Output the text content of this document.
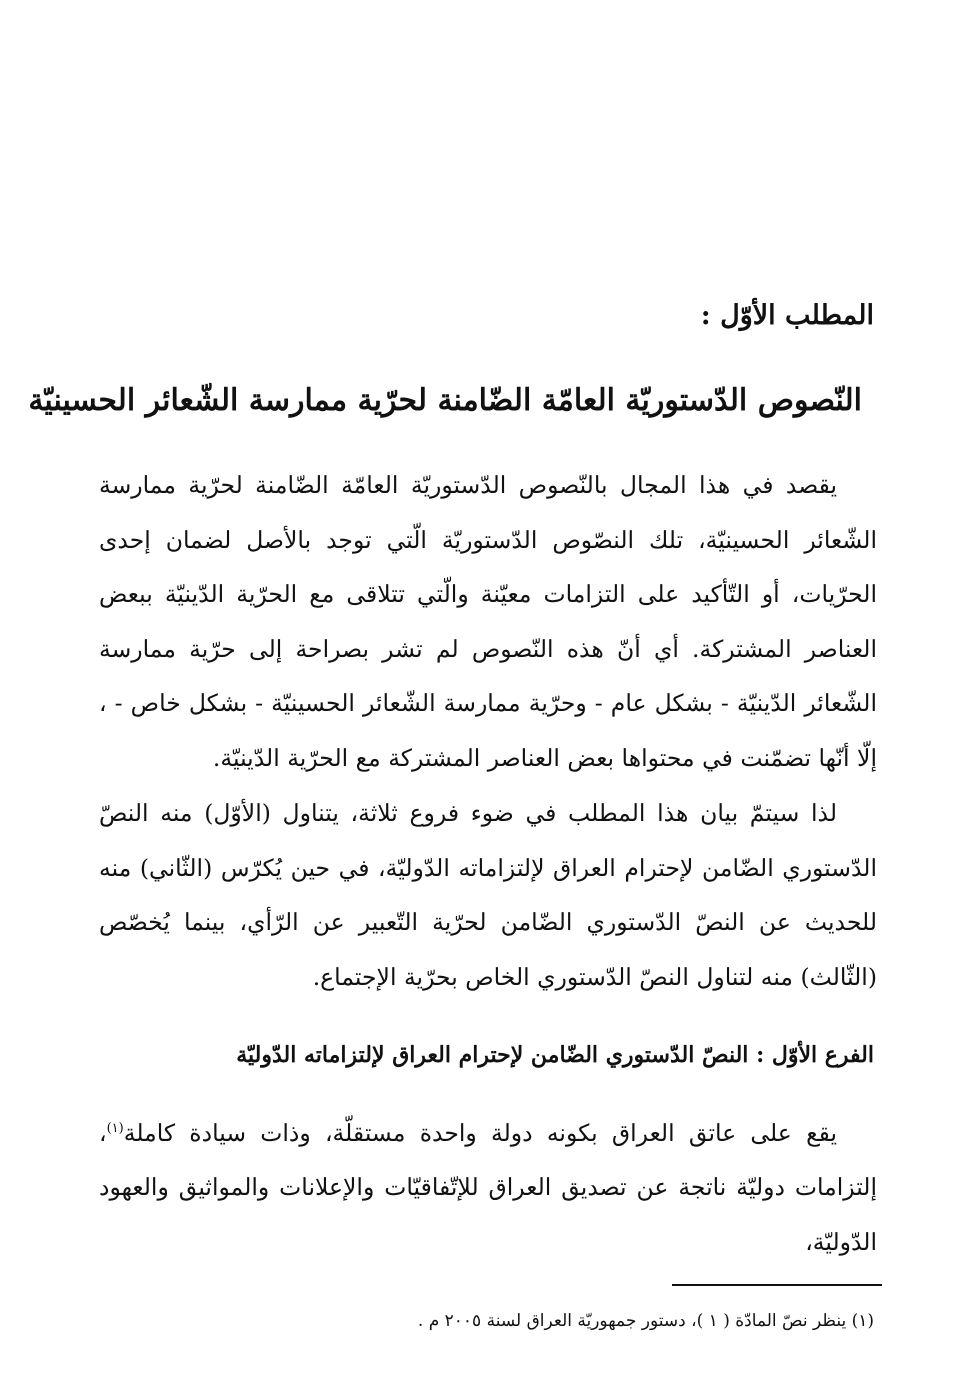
المطلب الأوّل :
النّصوص الدّستوريّة العامّة الضّامنة لحرّية ممارسة الشّعائر الحسينيّة

يقصد في هذا المجال بالنّصوص الدّستوريّة العامّة الضّامنة لحرّية ممارسة الشّعائر الحسينيّة، تلك النصّوص الدّستوريّة الّتي توجد بالأصل لضمان إحدى الحرّيات، أو التّأكيد على التزامات معيّنة والّتي تتلاقى مع الحرّية الدّينيّة ببعض العناصر المشتركة. أي أنّ هذه النّصوص لم تشر بصراحة إلى حرّية ممارسة الشّعائر الدّينيّة - بشكل عام - وحرّية ممارسة الشّعائر الحسينيّة - بشكل خاص - ، إلّا أنّها تضمّنت في محتواها بعض العناصر المشتركة مع الحرّية الدّينيّة.

لذا سيتمّ بيان هذا المطلب في ضوء فروع ثلاثة، يتناول (الأوّل) منه النصّ الدّستوري الضّامن لإحترام العراق لإلتزاماته الدّوليّة، في حين يُكرّس (الثّاني) منه للحديث عن النصّ الدّستوري الضّامن لحرّية التّعبير عن الرّأي، بينما يُخصّص (الثّالث) منه لتناول النصّ الدّستوري الخاص بحرّية الإجتماع.

الفرع الأوّل : النصّ الدّستوري الضّامن لإحترام العراق لإلتزاماته الدّوليّة

يقع على عاتق العراق بكونه دولة واحدة مستقلّة، وذات سيادة كاملة$^{(١)}$، إلتزامات دوليّة ناتجة عن تصديق العراق للإتّفاقيّات والإعلانات والمواثيق والعهود الدّوليّة،

(١) ينظر نصّ المادّة ( ١ )، دستور جمهوريّة العراق لسنة ٢٠٠٥ م .
